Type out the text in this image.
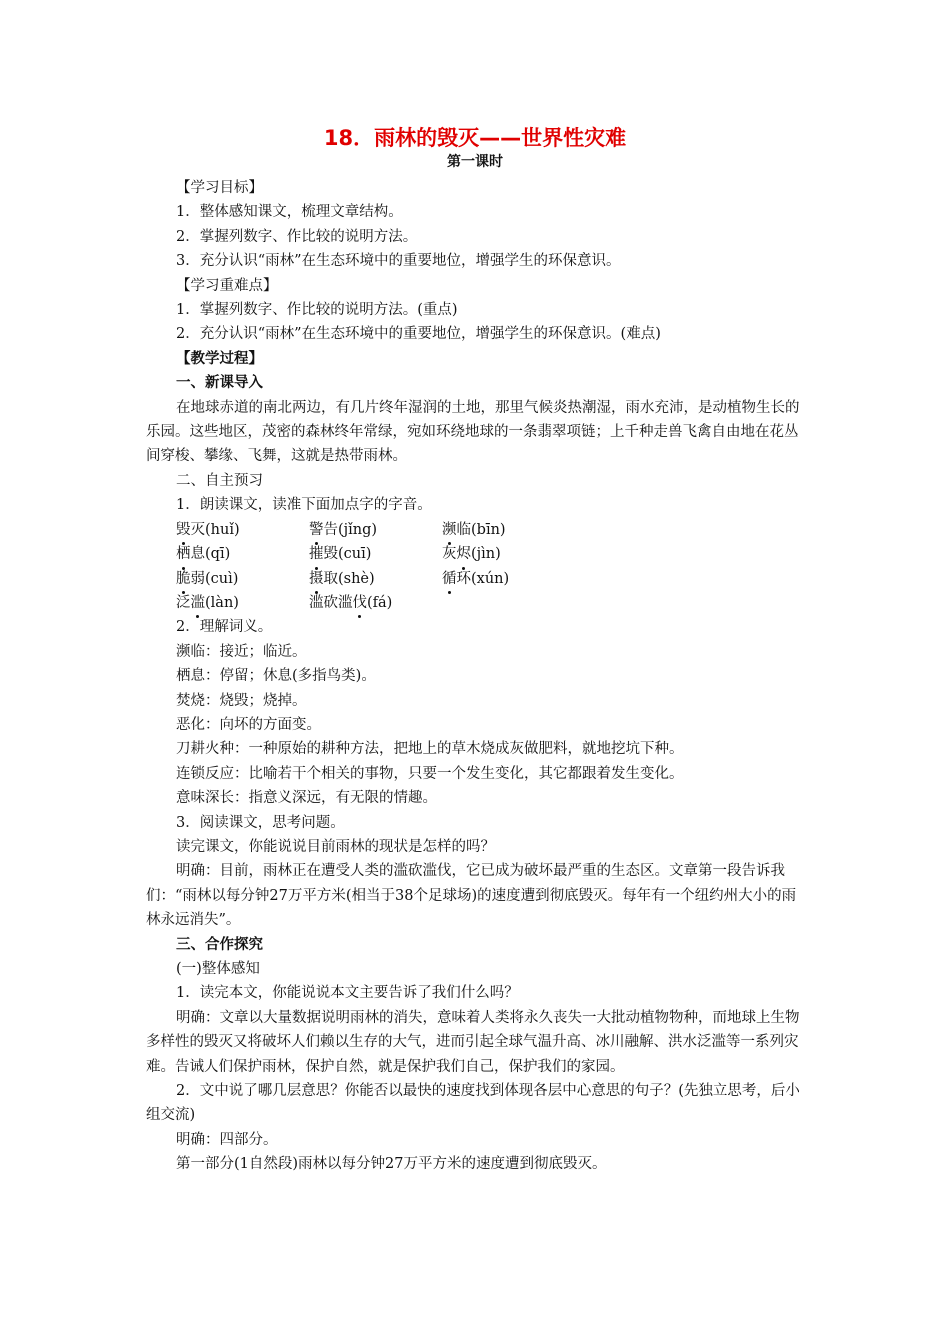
18．雨林的毁灭——世界性灾难
第一课时

【学习目标】

1．整体感知课文，梳理文章结构。

2．掌握列数字、作比较的说明方法。

3．充分认识“雨林”在生态环境中的重要地位，增强学生的环保意识。

【学习重难点】

1．掌握列数字、作比较的说明方法。(重点)

2．充分认识“雨林”在生态环境中的重要地位，增强学生的环保意识。(难点)

【教学过程】

一、新课导入

在地球赤道的南北两边，有几片终年湿润的土地，那里气候炎热潮湿，雨水充沛，是动植物生长的乐园。这些地区，茂密的森林终年常绿，宛如环绕地球的一条翡翠项链；上千种走兽飞禽自由地在花丛间穿梭、攀缘、飞舞，这就是热带雨林。

二、自主预习

1．朗读课文，读准下面加点字的字音。

毁灭(huǐ)	警告(jǐng)	濒临(bīn)
栖息(qī)	摧毁(cuī)	灰烬(jìn)
脆弱(cuì)	摄取(shè)	循环(xún)
泛滥(làn)	滥砍滥伐(fá)

2．理解词义。

濒临：接近；临近。

栖息：停留；休息(多指鸟类)。

焚烧：烧毁；烧掉。

恶化：向坏的方面变。

刀耕火种：一种原始的耕种方法，把地上的草木烧成灰做肥料，就地挖坑下种。

连锁反应：比喻若干个相关的事物，只要一个发生变化，其它都跟着发生变化。

意味深长：指意义深远，有无限的情趣。

3．阅读课文，思考问题。

读完课文，你能说说目前雨林的现状是怎样的吗？

明确：目前，雨林正在遭受人类的滥砍滥伐，它已成为破坏最严重的生态区。文章第一段告诉我们：“雨林以每分钟27万平方米(相当于38个足球场)的速度遭到彻底毁灭。每年有一个纽约州大小的雨林永远消失”。

三、合作探究

(一)整体感知

1．读完本文，你能说说本文主要告诉了我们什么吗？

明确：文章以大量数据说明雨林的消失，意味着人类将永久丧失一大批动植物物种，而地球上生物多样性的毁灭又将破坏人们赖以生存的大气，进而引起全球气温升高、冰川融解、洪水泛滥等一系列灾难。告诫人们保护雨林，保护自然，就是保护我们自己，保护我们的家园。

2．文中说了哪几层意思？你能否以最快的速度找到体现各层中心意思的句子？(先独立思考，后小组交流)

明确：四部分。

第一部分(1自然段)雨林以每分钟27万平方米的速度遭到彻底毁灭。
